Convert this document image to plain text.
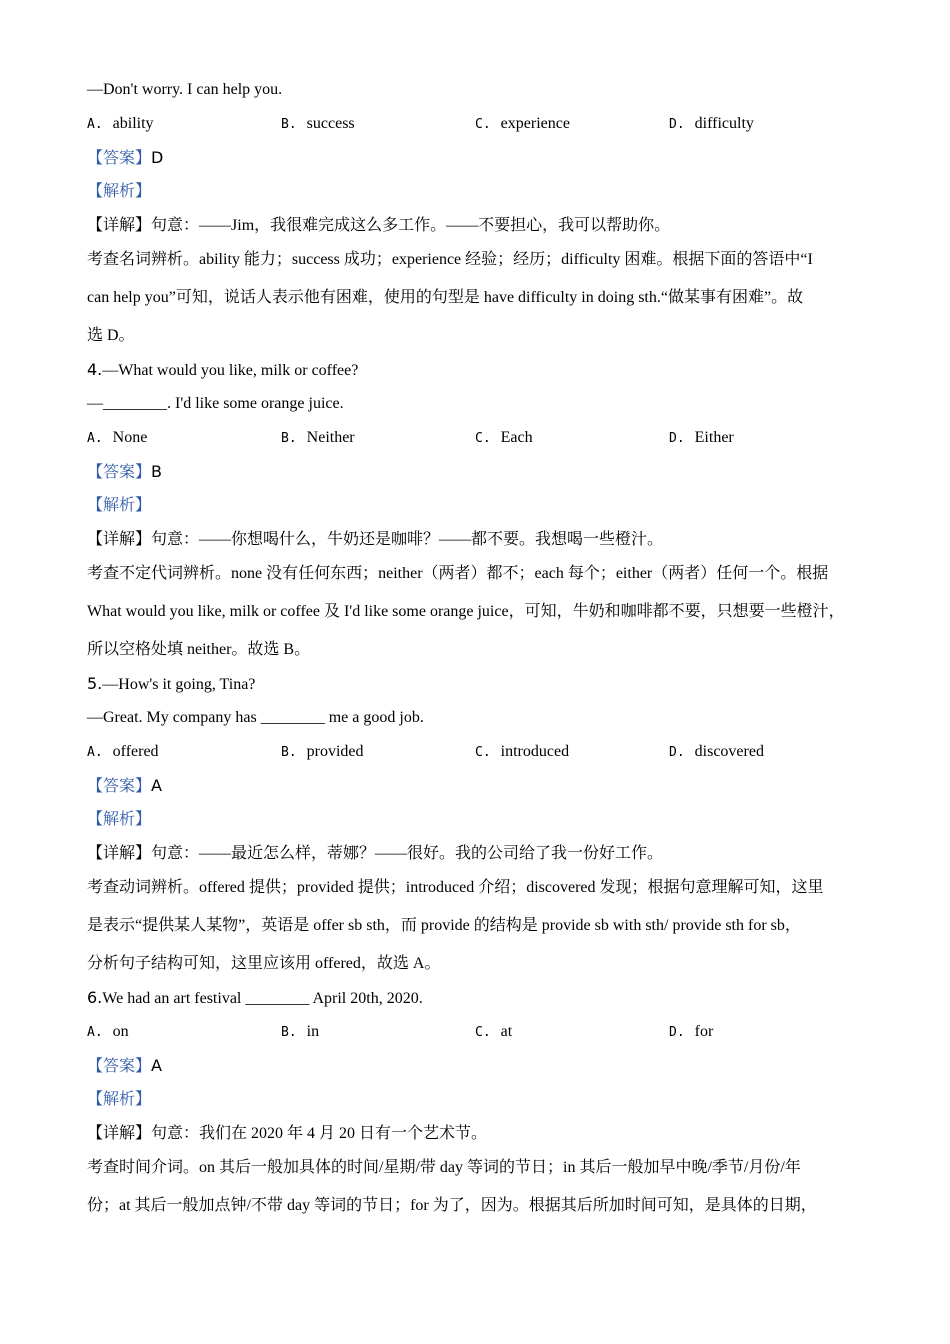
—Don't worry. I can help you.
A. ability	B. success	C. experience	D. difficulty
【答案】D
【解析】
【详解】句意：——Jim，我很难完成这么多工作。——不要担心，我可以帮助你。
考查名词辨析。ability 能力；success 成功；experience 经验；经历；difficulty 困难。根据下面的答语中“I
can help you”可知，说话人表示他有困难，使用的句型是 have difficulty in doing sth.“做某事有困难”。故
选 D。
4.—What would you like, milk or coffee?
—________. I'd like some orange juice.
A. None	B. Neither	C. Each	D. Either
【答案】B
【解析】
【详解】句意：——你想喝什么，牛奶还是咖啡？——都不要。我想喝一些橙汁。
考查不定代词辨析。none 没有任何东西；neither（两者）都不；each 每个；either（两者）任何一个。根据
What would you like, milk or coffee 及 I'd like some orange juice，可知，牛奶和咖啡都不要，只想要一些橙汁，
所以空格处填 neither。故选 B。
5.—How's it going, Tina?
—Great. My company has ________ me a good job.
A. offered	B. provided	C. introduced	D. discovered
【答案】A
【解析】
【详解】句意：——最近怎么样，蒂娜？——很好。我的公司给了我一份好工作。
考查动词辨析。offered 提供；provided 提供；introduced 介绍；discovered 发现；根据句意理解可知，这里
是表示“提供某人某物”，英语是 offer sb sth，而 provide 的结构是 provide sb with sth/ provide sth for sb，
分析句子结构可知，这里应该用 offered，故选 A。
6.We had an art festival ________ April 20th, 2020.
A. on	B. in	C. at	D. for
【答案】A
【解析】
【详解】句意：我们在 2020 年 4 月 20 日有一个艺术节。
考查时间介词。on 其后一般加具体的时间/星期/带 day 等词的节日；in 其后一般加早中晚/季节/月份/年
份；at 其后一般加点钟/不带 day 等词的节日；for 为了，因为。根据其后所加时间可知，是具体的日期，
